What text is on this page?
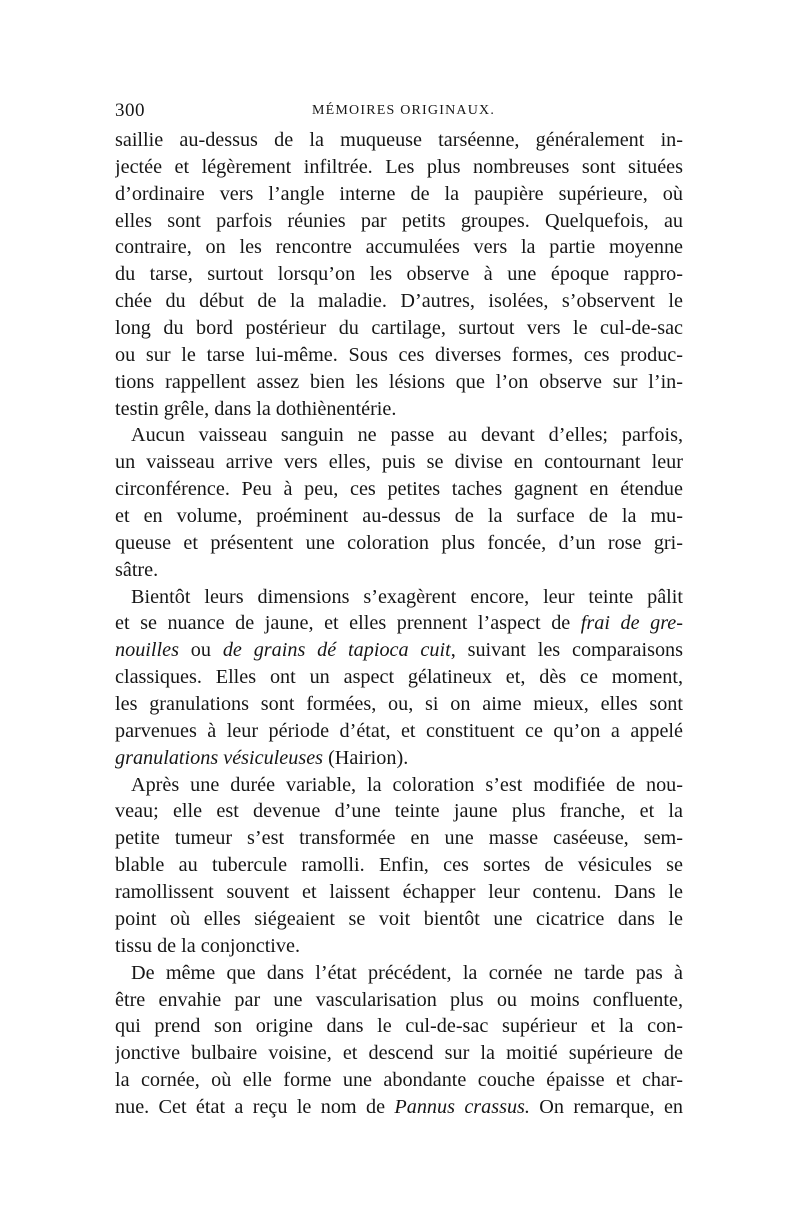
300	MÉMOIRES ORIGINAUX.
saillie au-dessus de la muqueuse tarséenne, généralement in-
jectée et légèrement infiltrée. Les plus nombreuses sont situées
d’ordinaire vers l’angle interne de la paupière supérieure, où
elles sont parfois réunies par petits groupes. Quelquefois, au
contraire, on les rencontre accumulées vers la partie moyenne
du tarse, surtout lorsqu’on les observe à une époque rappro-
chée du début de la maladie. D’autres, isolées, s’observent le
long du bord postérieur du cartilage, surtout vers le cul-de-sac
ou sur le tarse lui-même. Sous ces diverses formes, ces produc-
tions rappellent assez bien les lésions que l’on observe sur l’in-
testin grêle, dans la dothiènentérie.
Aucun vaisseau sanguin ne passe au devant d’elles; parfois,
un vaisseau arrive vers elles, puis se divise en contournant leur
circonférence. Peu à peu, ces petites taches gagnent en étendue
et en volume, proéminent au-dessus de la surface de la mu-
queuse et présentent une coloration plus foncée, d’un rose gri-
sâtre.
Bientôt leurs dimensions s’exagèrent encore, leur teinte pâlit
et se nuance de jaune, et elles prennent l’aspect de frai de gre-
nouilles ou de grains dé tapioca cuit, suivant les comparaisons
classiques. Elles ont un aspect gélatineux et, dès ce moment,
les granulations sont formées, ou, si on aime mieux, elles sont
parvenues à leur période d’état, et constituent ce qu’on a appelé
granulations vésiculeuses (Hairion).
Après une durée variable, la coloration s’est modifiée de nou-
veau; elle est devenue d’une teinte jaune plus franche, et la
petite tumeur s’est transformée en une masse caséeuse, sem-
blable au tubercule ramolli. Enfin, ces sortes de vésicules se
ramollissent souvent et laissent échapper leur contenu. Dans le
point où elles siégeaient se voit bientôt une cicatrice dans le
tissu de la conjonctive.
De même que dans l’état précédent, la cornée ne tarde pas à
être envahie par une vascularisation plus ou moins confluente,
qui prend son origine dans le cul-de-sac supérieur et la con-
jonctive bulbaire voisine, et descend sur la moitié supérieure de
la cornée, où elle forme une abondante couche épaisse et char-
nue. Cet état a reçu le nom de Pannus crassus. On remarque, en
